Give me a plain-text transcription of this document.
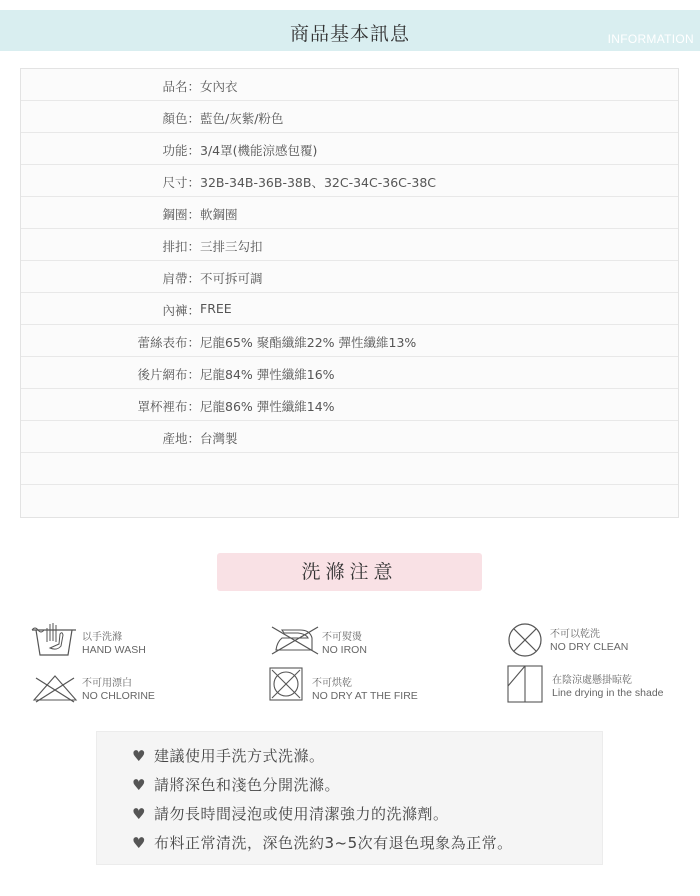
商品基本訊息	INFORMATION
品名： 女內衣
顏色： 藍色/灰紫/粉色
功能： 3/4罩(機能涼感包覆)
尺寸： 32B-34B-36B-38B、32C-34C-36C-38C
鋼圈： 軟鋼圈
排扣： 三排三勾扣
肩帶： 不可拆可調
內褲： FREE
蕾絲表布： 尼龍65% 聚酯纖維22% 彈性纖維13%
後片網布： 尼龍84% 彈性纖維16%
罩杯裡布： 尼龍86% 彈性纖維14%
產地： 台灣製
洗滌注意
以手洗滌
HAND WASH
不可熨燙
NO IRON
不可以乾洗
NO DRY CLEAN
不可用漂白
NO CHLORINE
不可烘乾
NO DRY AT THE FIRE
在陰涼處懸掛晾乾
Line drying in the shade
♥ 建議使用手洗方式洗滌。
♥ 請將深色和淺色分開洗滌。
♥ 請勿長時間浸泡或使用清潔強力的洗滌劑。
♥ 布料正常清洗，深色洗約3~5次有退色現象為正常。
